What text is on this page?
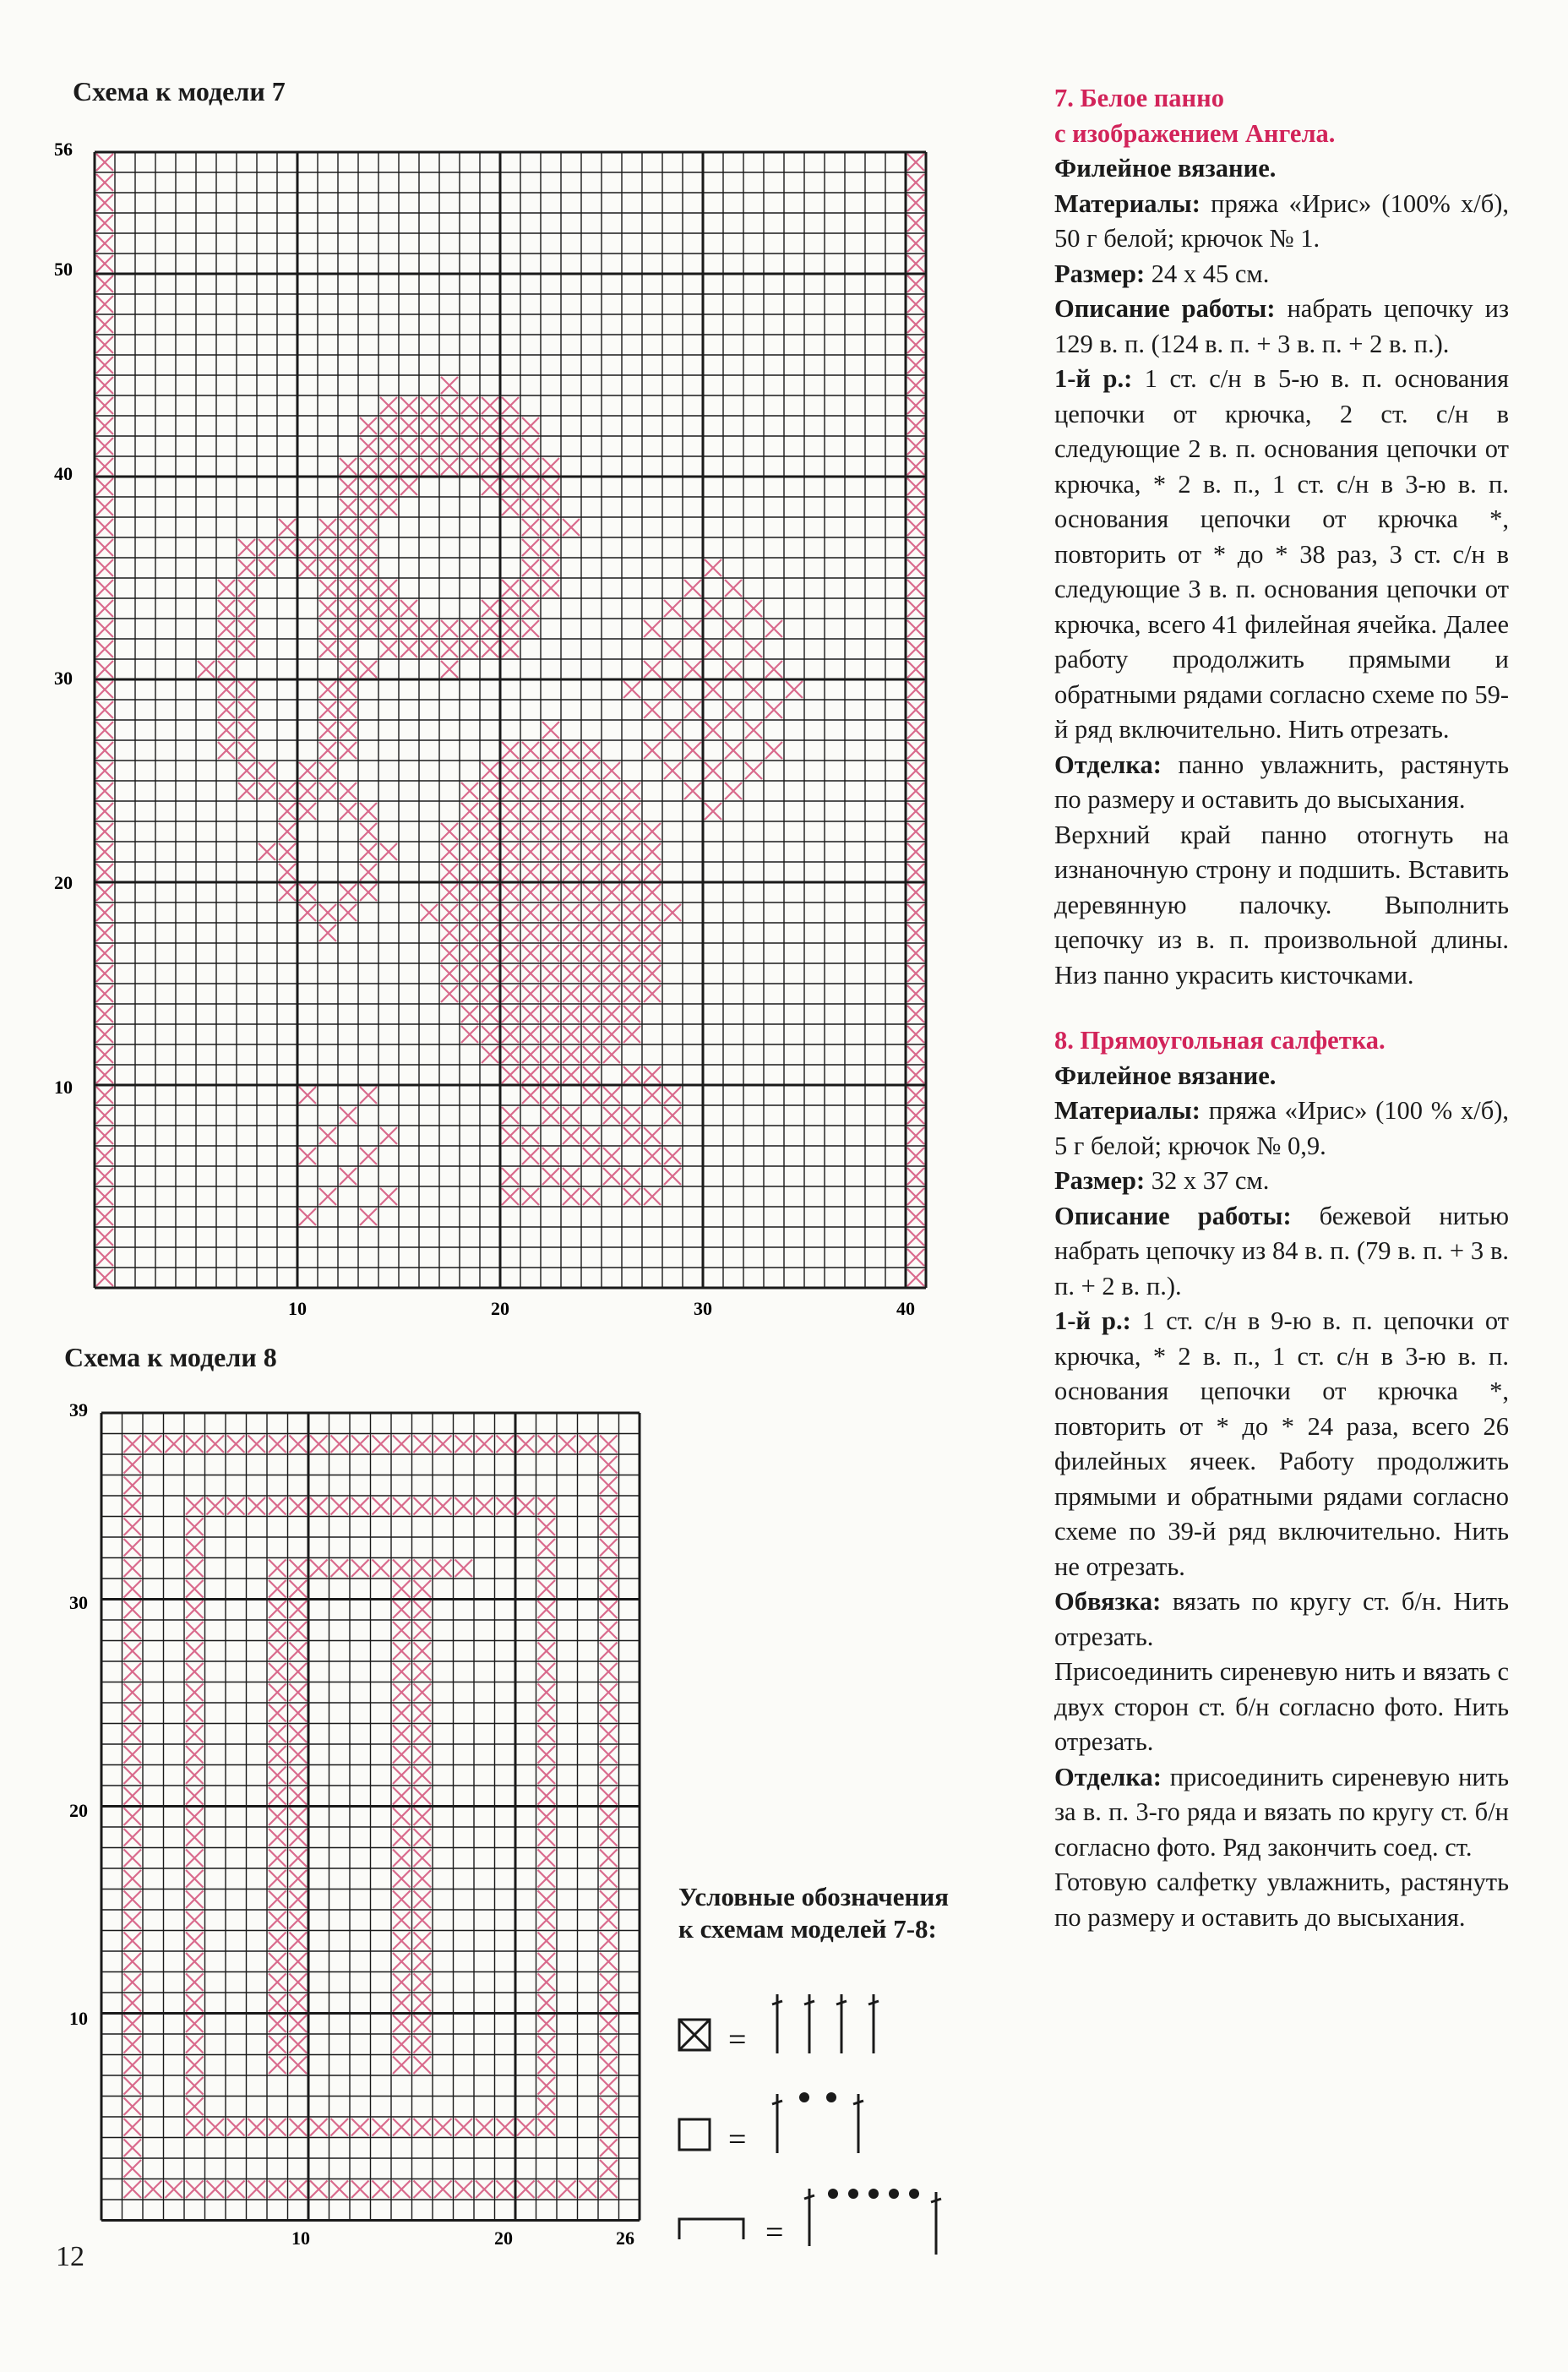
Схема к модели 7
56
50
40
30
20
10
10	20	30	40
Схема к модели 8
39
30
20
10
10	20	26
Условные обозначения
к схемам моделей 7-8:
=
=
=

7. Белое панно

с изображением Ангела.

Филейное вязание.

Материалы: пряжа «Ирис» (100% х/б), 50 г белой; крючок № 1.

Размер: 24 х 45 см.

Описание работы: набрать цепочку из 129 в. п. (124 в. п. + 3 в. п. + 2 в. п.).

1-й р.: 1 ст. с/н в 5-ю в. п. основания цепочки от крючка, 2 ст. с/н в следующие 2 в. п. основания цепочки от крючка, * 2 в. п., 1 ст. с/н в 3-ю в. п. основания цепочки от крючка *, повторить от * до * 38 раз, 3 ст. с/н в следующие 3 в. п. основания цепочки от крючка, всего 41 филейная ячейка. Далее работу продолжить прямыми и обратными рядами согласно схеме по 59-й ряд включительно. Нить отрезать.

Отделка: панно увлажнить, растянуть по размеру и оставить до высыхания.

Верхний край панно отогнуть на изнаночную строну и подшить. Вставить деревянную палочку. Выполнить цепочку из в. п. произвольной длины. Низ панно украсить кисточками.

8. Прямоугольная салфетка.

Филейное вязание.

Материалы: пряжа «Ирис» (100 % х/б), 5 г белой; крючок № 0,9.

Размер: 32 х 37 см.

Описание работы: бежевой нитью набрать цепочку из 84 в. п. (79 в. п. + 3 в. п. + 2 в. п.).

1-й р.: 1 ст. с/н в 9-ю в. п. цепочки от крючка, * 2 в. п., 1 ст. с/н в 3-ю в. п. основания цепочки от крючка *, повторить от * до * 24 раза, всего 26 филейных ячеек. Работу продолжить прямыми и обратными рядами согласно схеме по 39-й ряд включительно. Нить не отрезать.

Обвязка: вязать по кругу ст. б/н. Нить отрезать.

Присоединить сиреневую нить и вязать с двух сторон ст. б/н согласно фото. Нить отрезать.

Отделка: присоединить сиреневую нить за в. п. 3-го ряда и вязать по кругу ст. б/н согласно фото. Ряд закончить соед. ст.

Готовую салфетку увлажнить, растянуть по размеру и оставить до высыхания.

12
